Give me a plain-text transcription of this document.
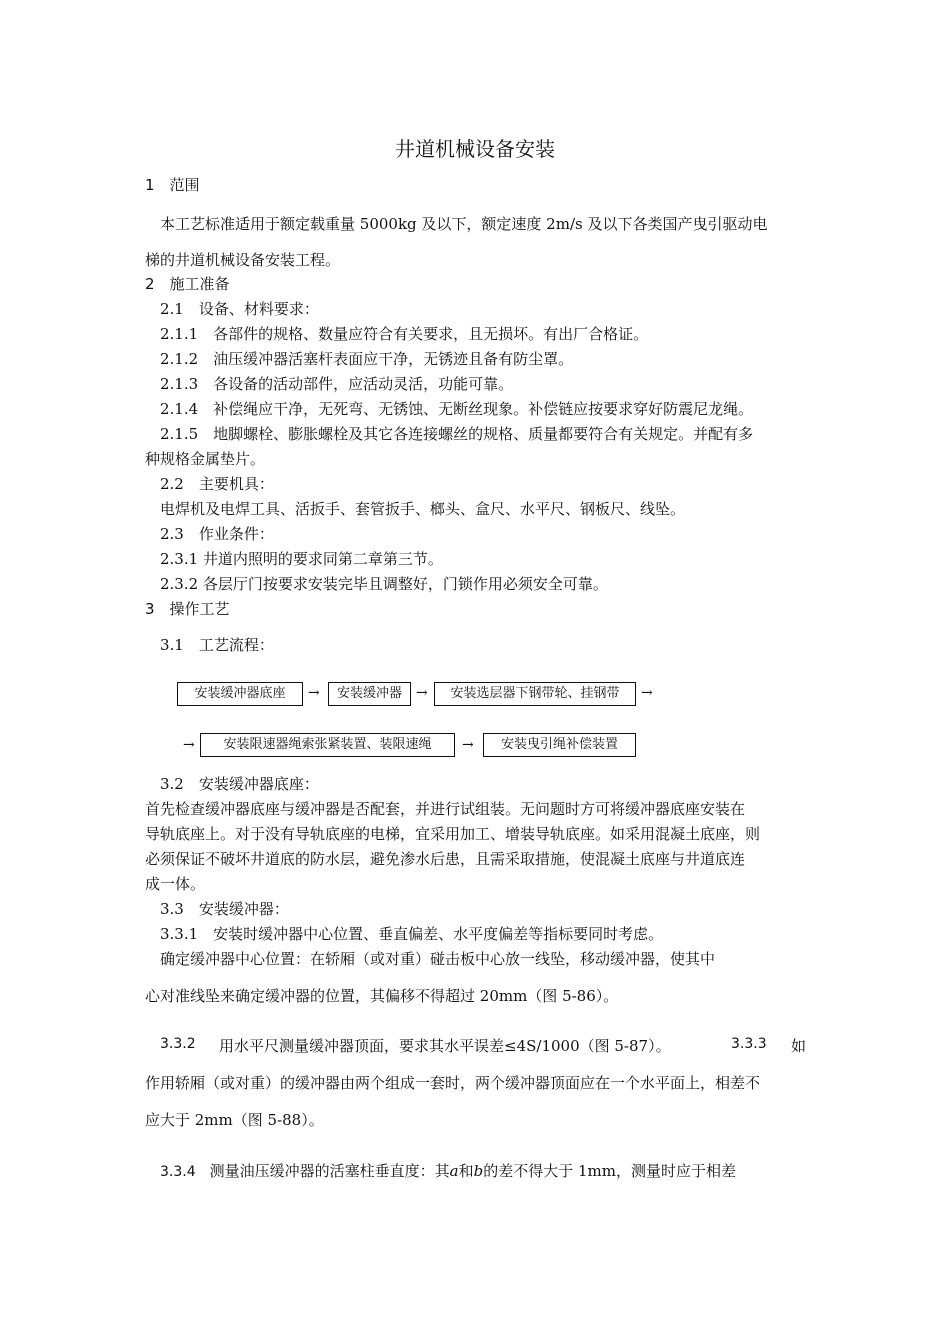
井道机械设备安装
1　范围
本工艺标准适用于额定载重量 5000kg 及以下，额定速度 2m/s 及以下各类国产曳引驱动电
梯的井道机械设备安装工程。
2　施工准备
2.1　设备、材料要求：
2.1.1　各部件的规格、数量应符合有关要求，且无损坏。有出厂合格证。
2.1.2　油压缓冲器活塞杆表面应干净，无锈迹且备有防尘罩。
2.1.3　各设备的活动部件，应活动灵活，功能可靠。
2.1.4　补偿绳应干净，无死弯、无锈蚀、无断丝现象。补偿链应按要求穿好防震尼龙绳。
2.1.5　地脚螺栓、膨胀螺栓及其它各连接螺丝的规格、质量都要符合有关规定。并配有多
种规格金属垫片。
2.2　主要机具：
电焊机及电焊工具、活扳手、套管扳手、榔头、盒尺、水平尺、钢板尺、线坠。
2.3　作业条件：
2.3.1 井道内照明的要求同第二章第三节。
2.3.2 各层厅门按要求安装完毕且调整好，门锁作用必须安全可靠。
3　操作工艺
3.1　工艺流程：
安装缓冲器底座	→	安装缓冲器	→	安装选层器下钢带轮、挂钢带	→
→	安装限速器绳索张紧装置、装限速绳	→	安装曳引绳补偿装置
3.2　安装缓冲器底座：
首先检查缓冲器底座与缓冲器是否配套，并进行试组装。无问题时方可将缓冲器底座安装在
导轨底座上。对于没有导轨底座的电梯，宜采用加工、增装导轨底座。如采用混凝土底座，则
必须保证不破坏井道底的防水层，避免渗水后患，且需采取措施，使混凝土底座与井道底连
成一体。
3.3　安装缓冲器：
3.3.1　安装时缓冲器中心位置、垂直偏差、水平度偏差等指标要同时考虑。
确定缓冲器中心位置：在轿厢（或对重）碰击板中心放一线坠，移动缓冲器，使其中
心对准线坠来确定缓冲器的位置，其偏移不得超过 20mm（图 5-86）。
3.3.2 用水平尺测量缓冲器顶面，要求其水平误差≤4S/1000（图 5-87）。	3.3.3 如
作用轿厢（或对重）的缓冲器由两个组成一套时，两个缓冲器顶面应在一个水平面上，相差不
应大于 2mm（图 5-88）。
3.3.4 测量油压缓冲器的活塞柱垂直度：其a和b的差不得大于 1mm，测量时应于相差
